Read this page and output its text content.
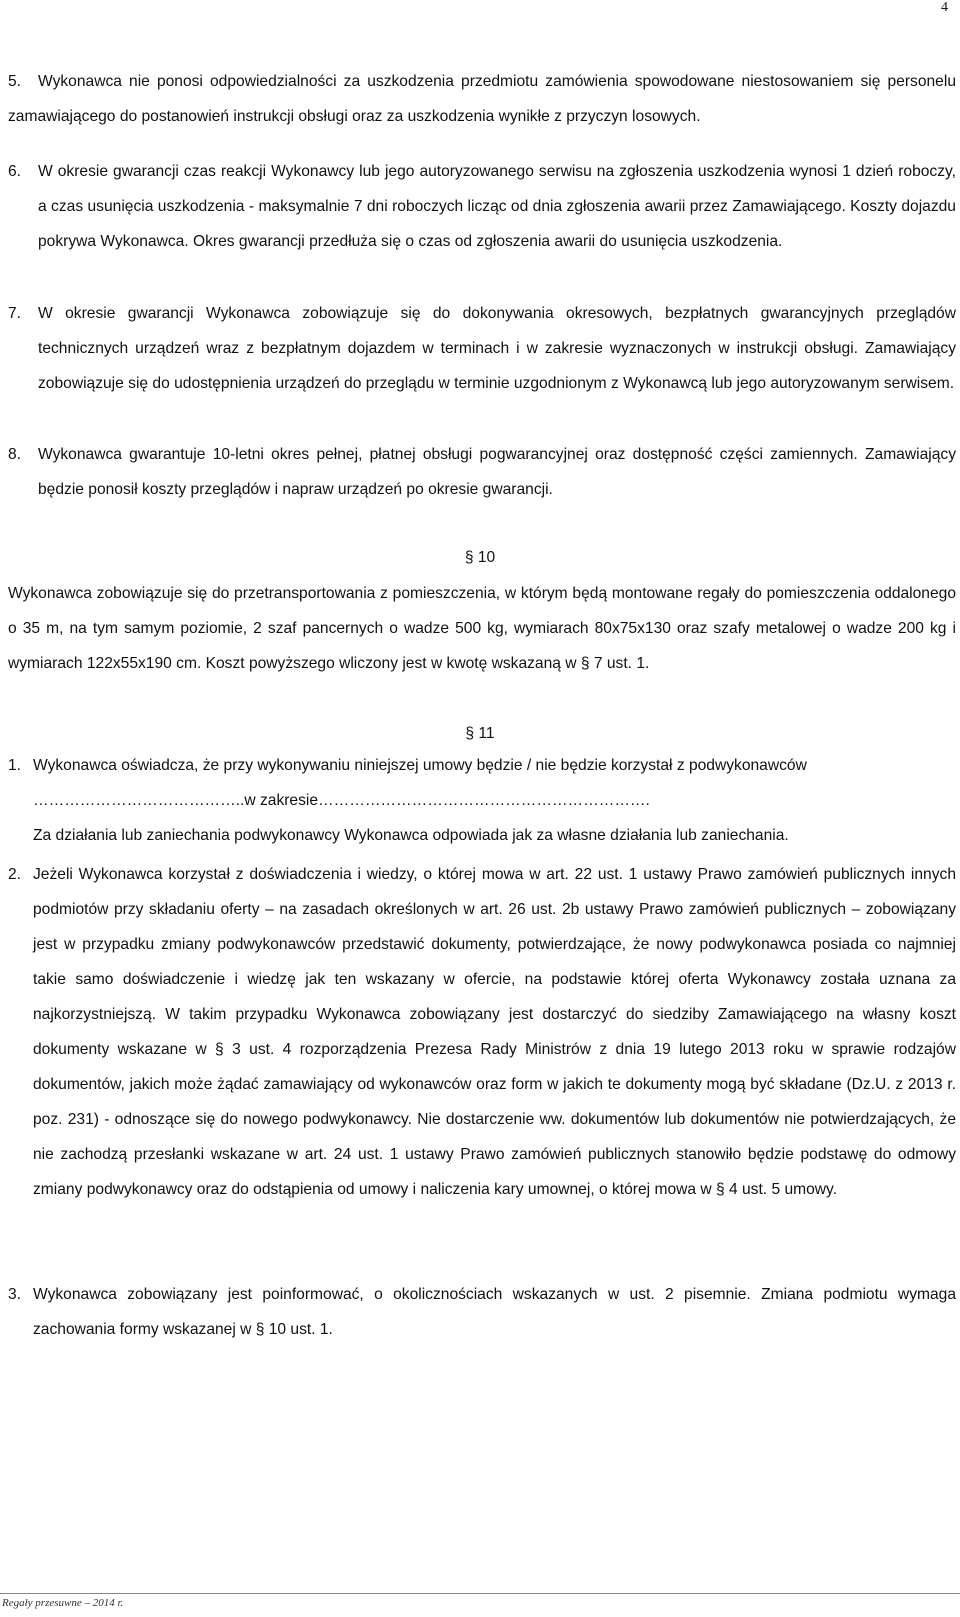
4
5.	Wykonawca nie ponosi odpowiedzialności za uszkodzenia przedmiotu zamówienia spowodowane niestosowaniem się personelu zamawiającego do postanowień instrukcji obsługi oraz za uszkodzenia wynikłe z przyczyn losowych.
6.	W okresie gwarancji czas reakcji Wykonawcy lub jego autoryzowanego serwisu na zgłoszenia uszkodzenia wynosi 1 dzień roboczy, a czas usunięcia uszkodzenia - maksymalnie 7 dni roboczych licząc od dnia zgłoszenia awarii przez Zamawiającego. Koszty dojazdu pokrywa Wykonawca. Okres gwarancji przedłuża się o czas od zgłoszenia awarii do usunięcia uszkodzenia.
7.	W okresie gwarancji Wykonawca zobowiązuje się do dokonywania okresowych, bezpłatnych gwarancyjnych przeglądów technicznych urządzeń wraz z bezpłatnym dojazdem w terminach i w zakresie wyznaczonych w instrukcji obsługi. Zamawiający zobowiązuje się do udostępnienia urządzeń do przeglądu w terminie uzgodnionym z Wykonawcą lub jego autoryzowanym serwisem.
8.	Wykonawca gwarantuje 10-letni okres pełnej, płatnej obsługi pogwarancyjnej oraz dostępność części zamiennych. Zamawiający będzie ponosił koszty przeglądów i napraw urządzeń po okresie gwarancji.
§ 10
Wykonawca zobowiązuje się do przetransportowania z pomieszczenia, w którym będą montowane regały do pomieszczenia oddalonego o 35 m, na tym samym poziomie, 2 szaf pancernych o wadze 500 kg, wymiarach 80x75x130 oraz szafy metalowej o wadze 200 kg i wymiarach 122x55x190 cm. Koszt powyższego wliczony jest w kwotę wskazaną w § 7 ust. 1.
§ 11
1. Wykonawca oświadcza, że przy wykonywaniu niniejszej umowy będzie / nie będzie korzystał z podwykonawców
…………………………………..w zakresie……………………………………………………….
Za działania lub zaniechania podwykonawcy Wykonawca odpowiada jak za własne działania lub zaniechania.
2. Jeżeli Wykonawca korzystał z doświadczenia i wiedzy, o której mowa w art. 22 ust. 1 ustawy Prawo zamówień publicznych innych podmiotów przy składaniu oferty – na zasadach określonych w art. 26 ust. 2b ustawy Prawo zamówień publicznych – zobowiązany jest w przypadku zmiany podwykonawców przedstawić dokumenty, potwierdzające, że nowy podwykonawca posiada co najmniej takie samo doświadczenie i wiedzę jak ten wskazany w ofercie, na podstawie której oferta Wykonawcy została uznana za najkorzystniejszą. W takim przypadku Wykonawca zobowiązany jest dostarczyć do siedziby Zamawiającego na własny koszt dokumenty wskazane w § 3 ust. 4 rozporządzenia Prezesa Rady Ministrów z dnia 19 lutego 2013 roku w sprawie rodzajów dokumentów, jakich może żądać zamawiający od wykonawców oraz form w jakich te dokumenty mogą być składane (Dz.U. z 2013 r. poz. 231) - odnoszące się do nowego podwykonawcy. Nie dostarczenie ww. dokumentów lub dokumentów nie potwierdzających, że nie zachodzą przesłanki wskazane w art. 24 ust. 1 ustawy Prawo zamówień publicznych stanowiło będzie podstawę do odmowy zmiany podwykonawcy oraz do odstąpienia od umowy i naliczenia kary umownej, o której mowa w § 4 ust. 5 umowy.
3. Wykonawca zobowiązany jest poinformować, o okolicznościach wskazanych w ust. 2 pisemnie. Zmiana podmiotu wymaga zachowania formy wskazanej w § 10 ust. 1.
Regały przesuwne – 2014 r.
